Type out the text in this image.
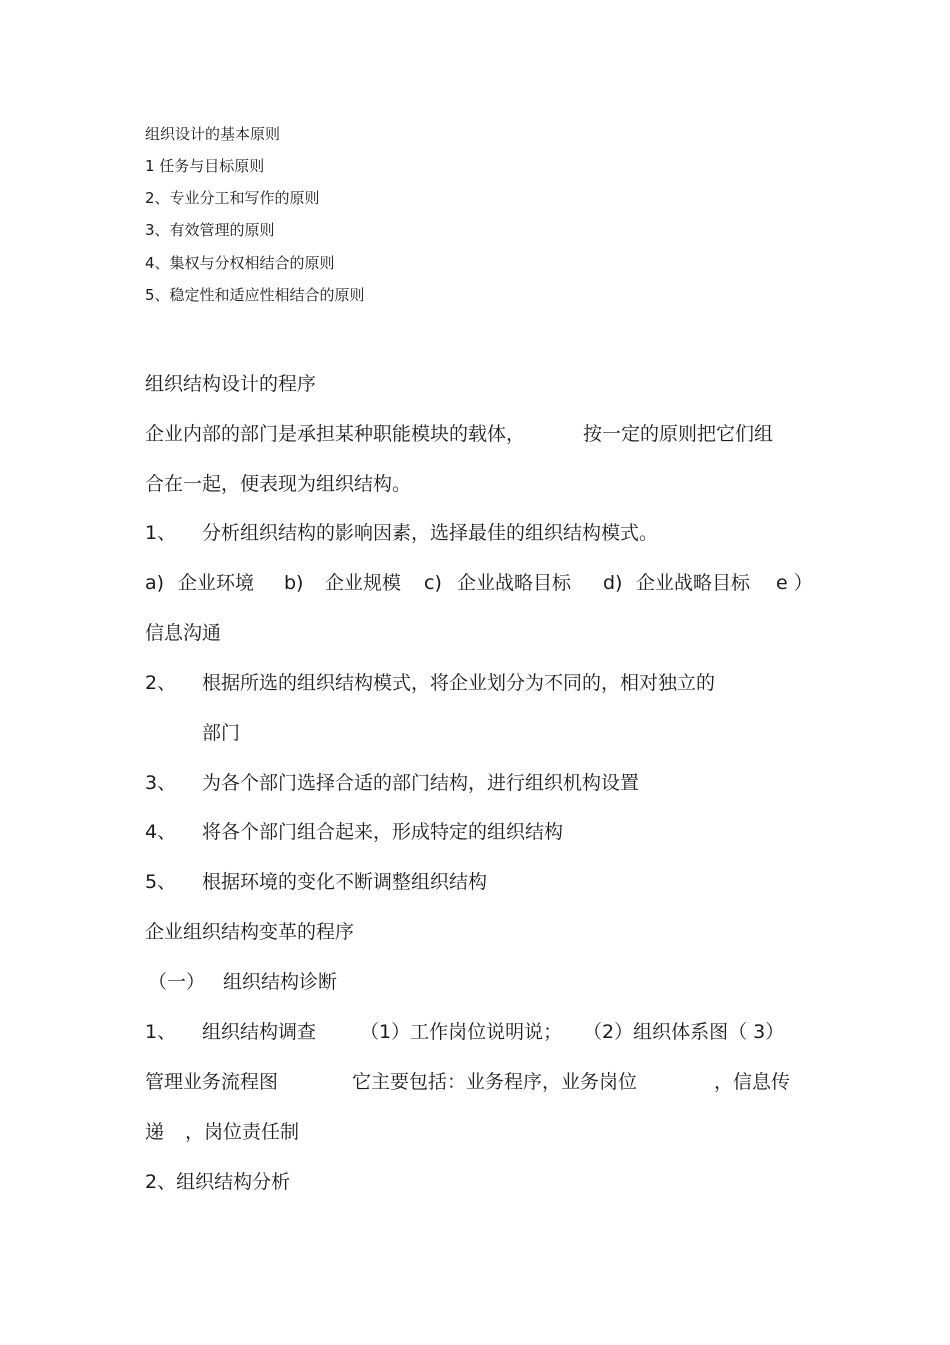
组织设计的基本原则
1 任务与目标原则
2、专业分工和写作的原则
3、有效管理的原则
4、集权与分权相结合的原则
5、稳定性和适应性相结合的原则
组织结构设计的程序
企业内部的部门是承担某种职能模块的载体，	按一定的原则把它们组
合在一起，便表现为组织结构。
1、 分析组织结构的影响因素，选择最佳的组织结构模式。
a) 企业环境 b) 企业规模 c) 企业战略目标 d) 企业战略目标 e ）
信息沟通
2、 根据所选的组织结构模式，将企业划分为不同的，相对独立的
部门
3、 为各个部门选择合适的部门结构，进行组织机构设置
4、 将各个部门组合起来，形成特定的组织结构
5、 根据环境的变化不断调整组织结构
企业组织结构变革的程序
（一） 组织结构诊断
1、 组织结构调查 （1）工作岗位说明说； （2）组织体系图（ 3）
管理业务流程图	它主要包括：业务程序，业务岗位	，信息传
递 ，岗位责任制
2、组织结构分析
